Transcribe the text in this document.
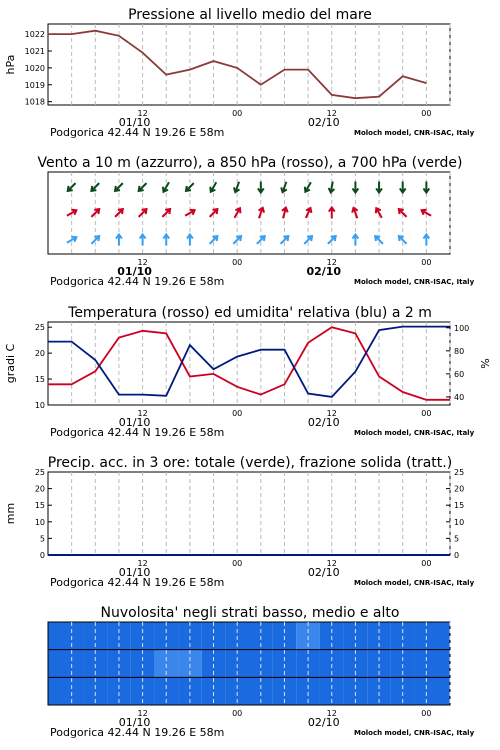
Pressione al livello medio del mare
12	00	12	00
01/10	02/10
Podgorica 42.44 N 19.26 E 58m	Moloch model, CNR-ISAC, Italy
1022
1021
1020
1019
1018
hPa
Vento a 10 m (azzurro), a 850 hPa (rosso), a 700 hPa (verde)
12	00	12	00
01/10	02/10
Podgorica 42.44 N 19.26 E 58m	Moloch model, CNR-ISAC, Italy
Temperatura (rosso) ed umidita' relativa (blu) a 2 m
12	00	12	00
01/10	02/10
Podgorica 42.44 N 19.26 E 58m	Moloch model, CNR-ISAC, Italy
25
20
15
10
100
80
60
40
gradi C	%
Precip. acc. in 3 ore: totale (verde), frazione solida (tratt.)
12	00	12	00
01/10	02/10
Podgorica 42.44 N 19.26 E 58m	Moloch model, CNR-ISAC, Italy
25	25
20	20
15	15
10	10
5	5
0	0
mm
Nuvolosita' negli strati basso, medio e alto
12	00	12	00
01/10	02/10
Podgorica 42.44 N 19.26 E 58m	Moloch model, CNR-ISAC, Italy
